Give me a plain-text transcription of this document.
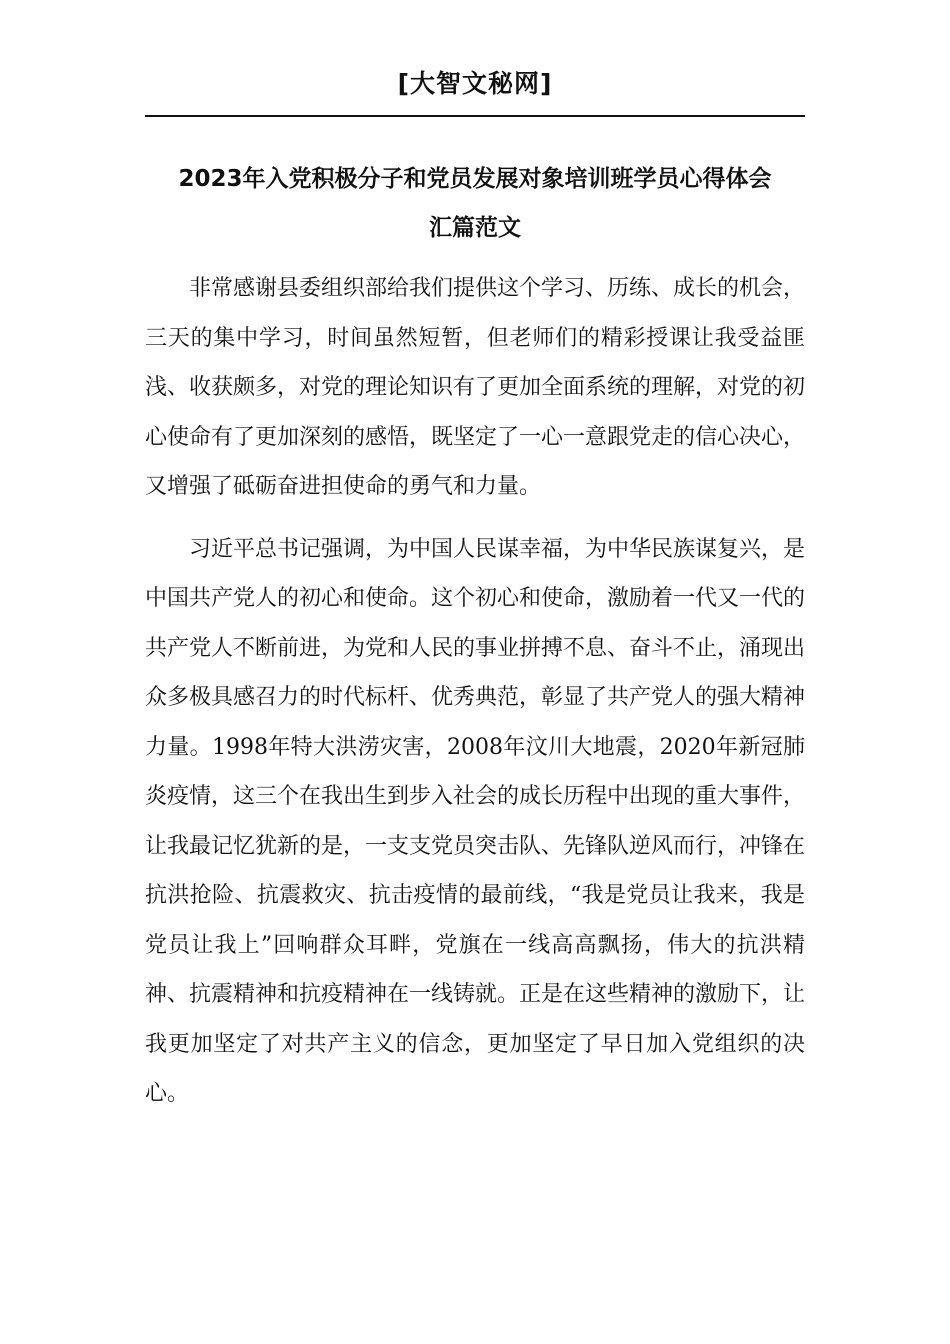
[大智文秘网]
2023年入党积极分子和党员发展对象培训班学员心得体会
汇篇范文

非常感谢县委组织部给我们提供这个学习、历练、成长的机会，三天的集中学习，时间虽然短暂，但老师们的精彩授课让我受益匪浅、收获颇多，对党的理论知识有了更加全面系统的理解，对党的初心使命有了更加深刻的感悟，既坚定了一心一意跟党走的信心决心，又增强了砥砺奋进担使命的勇气和力量。

习近平总书记强调，为中国人民谋幸福，为中华民族谋复兴，是中国共产党人的初心和使命。这个初心和使命，激励着一代又一代的共产党人不断前进，为党和人民的事业拼搏不息、奋斗不止，涌现出众多极具感召力的时代标杆、优秀典范，彰显了共产党人的强大精神力量。1998年特大洪涝灾害，2008年汶川大地震，2020年新冠肺炎疫情，这三个在我出生到步入社会的成长历程中出现的重大事件，让我最记忆犹新的是，一支支党员突击队、先锋队逆风而行，冲锋在抗洪抢险、抗震救灾、抗击疫情的最前线，“我是党员让我来，我是党员让我上”回响群众耳畔，党旗在一线高高飘扬，伟大的抗洪精神、抗震精神和抗疫精神在一线铸就。正是在这些精神的激励下，让我更加坚定了对共产主义的信念，更加坚定了早日加入党组织的决心。
